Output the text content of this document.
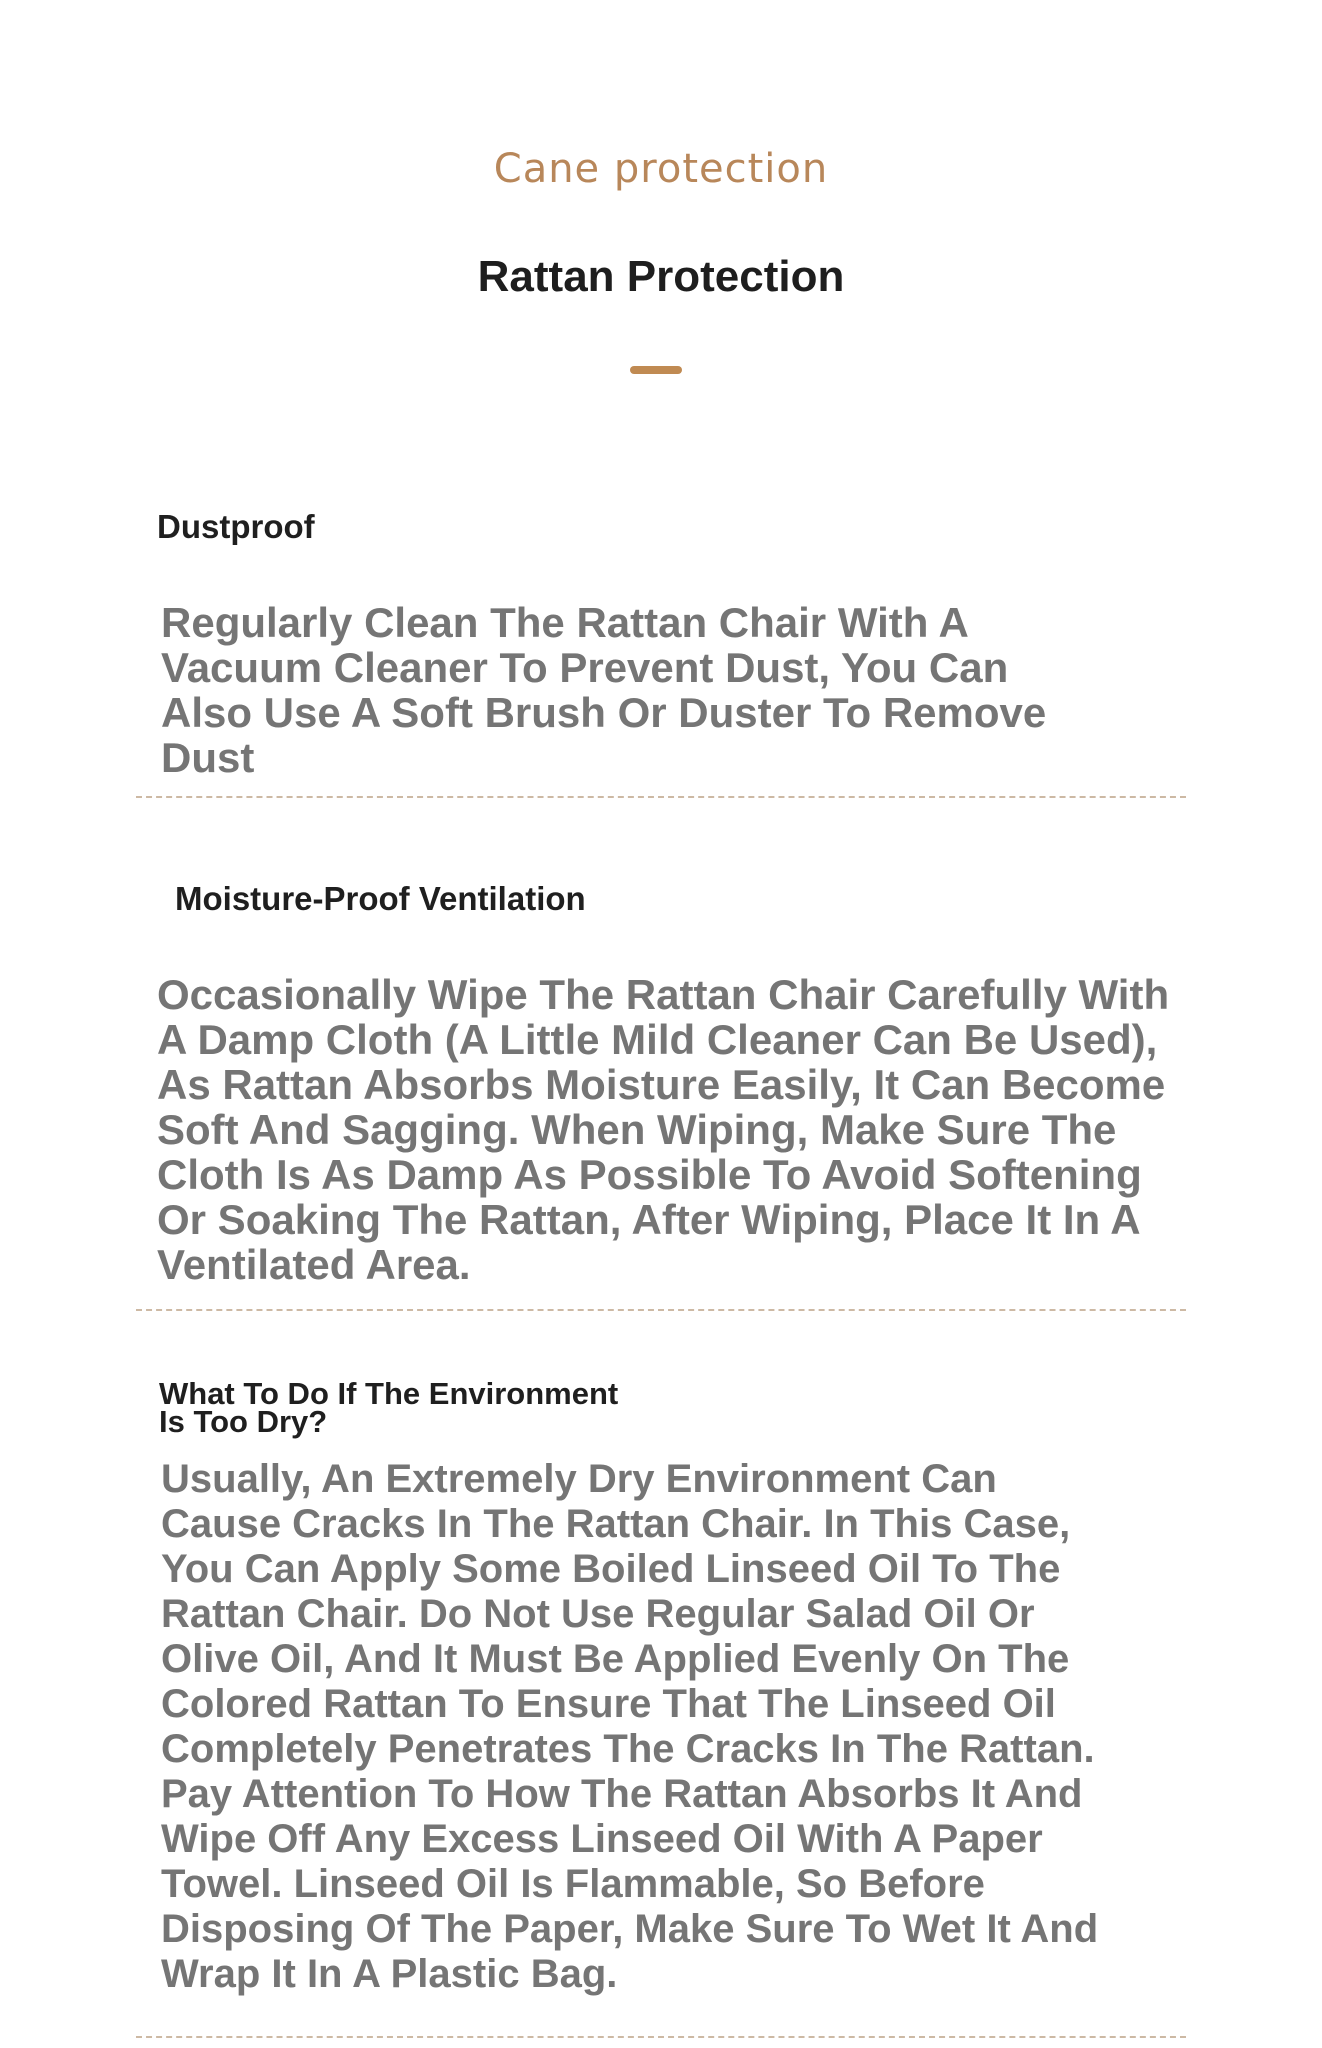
Cane protection
Rattan Protection
Dustproof

Regularly Clean The Rattan Chair With A Vacuum Cleaner To Prevent Dust, You Can Also Use A Soft Brush Or Duster To Remove Dust

Moisture-Proof Ventilation

Occasionally Wipe The Rattan Chair Carefully With A Damp Cloth (A Little Mild Cleaner Can Be Used), As Rattan Absorbs Moisture Easily, It Can Become Soft And Sagging. When Wiping, Make Sure The Cloth Is As Damp As Possible To Avoid Softening Or Soaking The Rattan, After Wiping, Place It In A Ventilated Area.

What To Do If The Environment Is Too Dry?

Usually, An Extremely Dry Environment Can Cause Cracks In The Rattan Chair. In This Case, You Can Apply Some Boiled Linseed Oil To The Rattan Chair. Do Not Use Regular Salad Oil Or Olive Oil, And It Must Be Applied Evenly On The Colored Rattan To Ensure That The Linseed Oil Completely Penetrates The Cracks In The Rattan. Pay Attention To How The Rattan Absorbs It And Wipe Off Any Excess Linseed Oil With A Paper Towel. Linseed Oil Is Flammable, So Before Disposing Of The Paper, Make Sure To Wet It And Wrap It In A Plastic Bag.
